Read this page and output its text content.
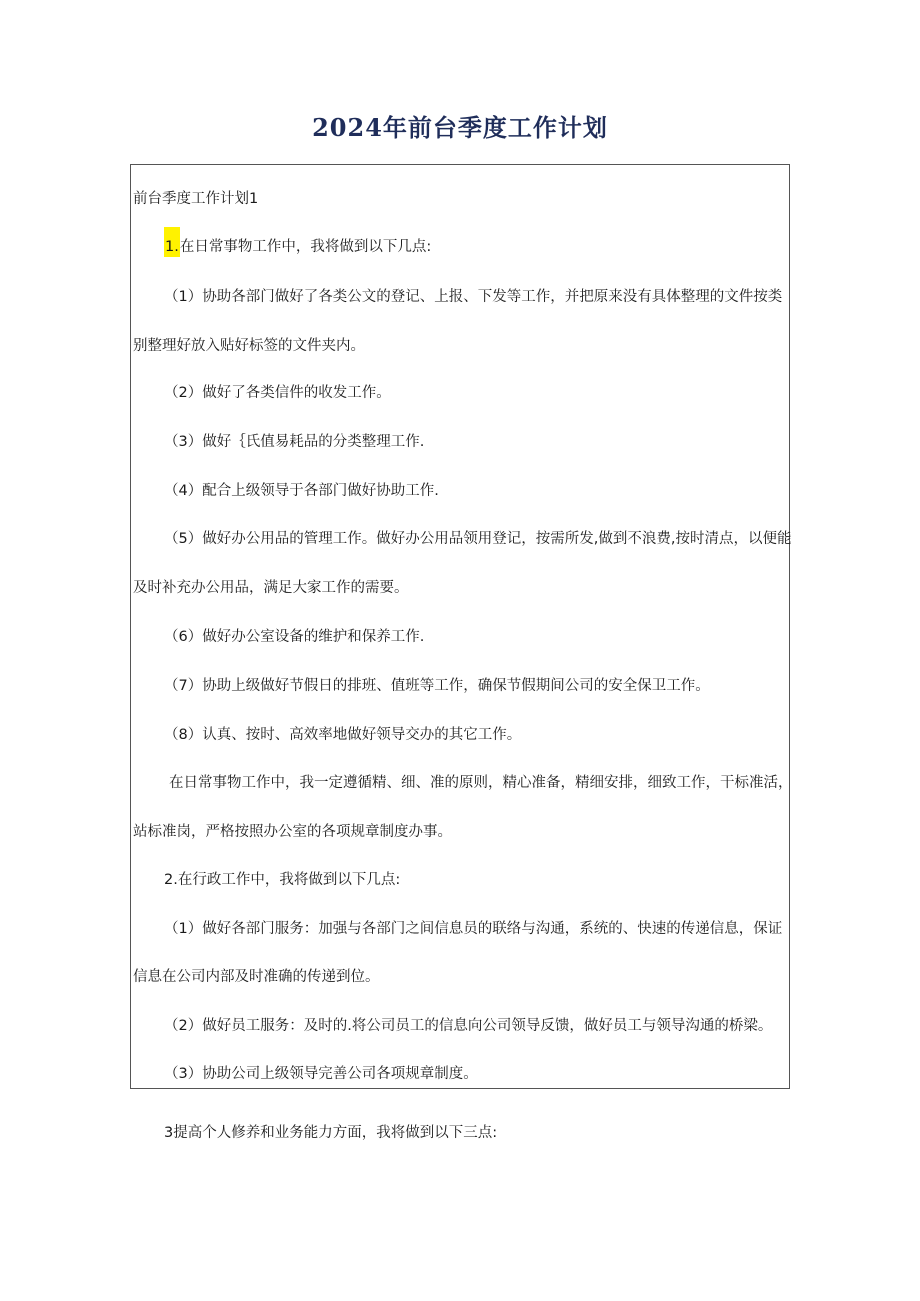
2024年前台季度工作计划
前台季度工作计划1
1.在日常事物工作中，我将做到以下几点:
（1）协助各部门做好了各类公文的登记、上报、下发等工作，并把原来没有具体整理的文件按类
别整理好放入贴好标签的文件夹内。
（2）做好了各类信件的收发工作。
（3）做好｛氏值易耗品的分类整理工作.
（4）配合上级领导于各部门做好协助工作.
（5）做好办公用品的管理工作。做好办公用品领用登记，按需所发,做到不浪费,按时清点，以便能
及时补充办公用品，满足大家工作的需要。
（6）做好办公室设备的维护和保养工作.
（7）协助上级做好节假日的排班、值班等工作，确保节假期间公司的安全保卫工作。
（8）认真、按时、高效率地做好领导交办的其它工作。
在日常事物工作中，我一定遵循精、细、准的原则，精心准备，精细安排，细致工作，干标准活，
站标准岗，严格按照办公室的各项规章制度办事。
2.在行政工作中，我将做到以下几点:
（1）做好各部门服务：加强与各部门之间信息员的联络与沟通，系统的、快速的传递信息，保证
信息在公司内部及时准确的传递到位。
（2）做好员工服务：及时的.将公司员工的信息向公司领导反馈，做好员工与领导沟通的桥梁。
（3）协助公司上级领导完善公司各项规章制度。
3提高个人修养和业务能力方面，我将做到以下三点:
